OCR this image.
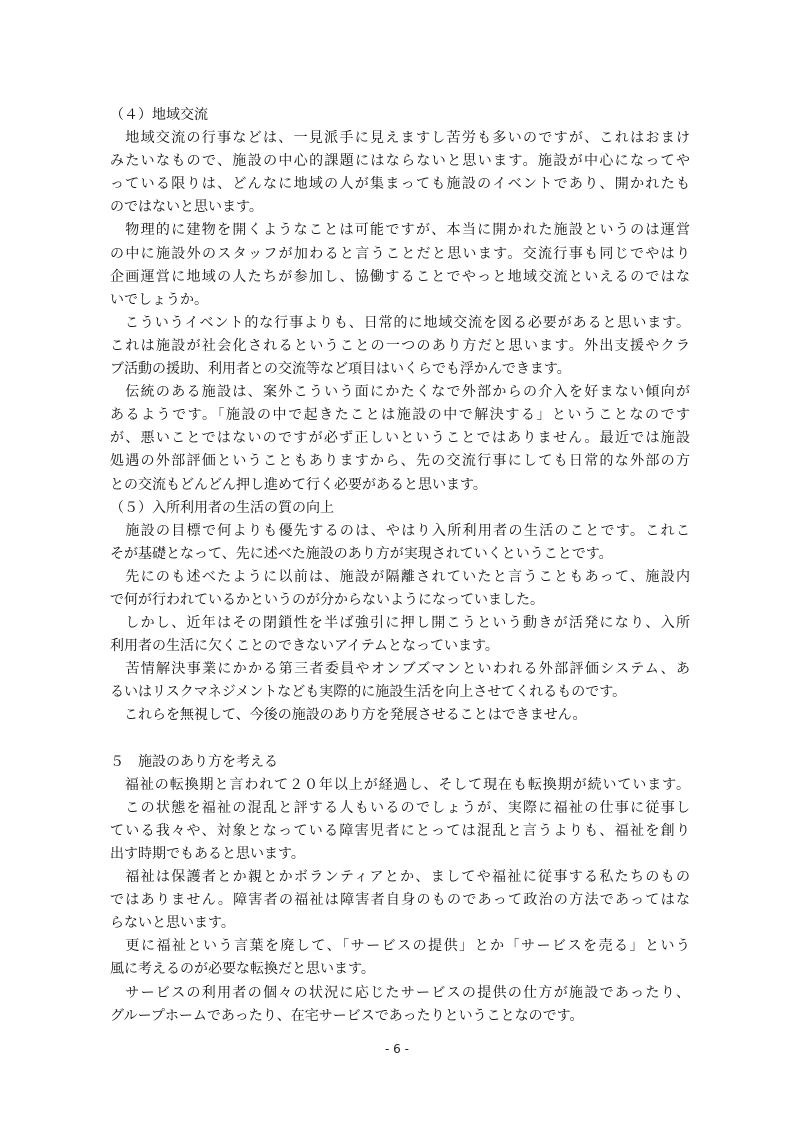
（４）地域交流
　地域交流の行事などは、一見派手に見えますし苦労も多いのですが、これはおまけ
みたいなもので、施設の中心的課題にはならないと思います。施設が中心になってや
っている限りは、どんなに地域の人が集まっても施設のイベントであり、開かれたも
のではないと思います。
　物理的に建物を開くようなことは可能ですが、本当に開かれた施設というのは運営
の中に施設外のスタッフが加わると言うことだと思います。交流行事も同じでやはり
企画運営に地域の人たちが参加し、協働することでやっと地域交流といえるのではな
いでしょうか。
　こういうイベント的な行事よりも、日常的に地域交流を図る必要があると思います。
これは施設が社会化されるということの一つのあり方だと思います。外出支援やクラ
ブ活動の援助、利用者との交流等など項目はいくらでも浮かんできます。
　伝統のある施設は、案外こういう面にかたくなで外部からの介入を好まない傾向が
あるようです。「施設の中で起きたことは施設の中で解決する」ということなのです
が、悪いことではないのですが必ず正しいということではありません。最近では施設
処遇の外部評価ということもありますから、先の交流行事にしても日常的な外部の方
との交流もどんどん押し進めて行く必要があると思います。
（５）入所利用者の生活の質の向上
　施設の目標で何よりも優先するのは、やはり入所利用者の生活のことです。これこ
そが基礎となって、先に述べた施設のあり方が実現されていくということです。
　先にのも述べたように以前は、施設が隔離されていたと言うこともあって、施設内
で何が行われているかというのが分からないようになっていました。
　しかし、近年はその閉鎖性を半ば強引に押し開こうという動きが活発になり、入所
利用者の生活に欠くことのできないアイテムとなっています。
　苦情解決事業にかかる第三者委員やオンブズマンといわれる外部評価システム、あ
るいはリスクマネジメントなども実際的に施設生活を向上させてくれるものです。
　これらを無視して、今後の施設のあり方を発展させることはできません。
５　施設のあり方を考える
　福祉の転換期と言われて２０年以上が経過し、そして現在も転換期が続いています。
　この状態を福祉の混乱と評する人もいるのでしょうが、実際に福祉の仕事に従事し
ている我々や、対象となっている障害児者にとっては混乱と言うよりも、福祉を創り
出す時期でもあると思います。
　福祉は保護者とか親とかボランティアとか、ましてや福祉に従事する私たちのもの
ではありません。障害者の福祉は障害者自身のものであって政治の方法であってはな
らないと思います。
　更に福祉という言葉を廃して、「サービスの提供」とか「サービスを売る」という
風に考えるのが必要な転換だと思います。
　サービスの利用者の個々の状況に応じたサービスの提供の仕方が施設であったり、
グループホームであったり、在宅サービスであったりということなのです。
- 6 -
